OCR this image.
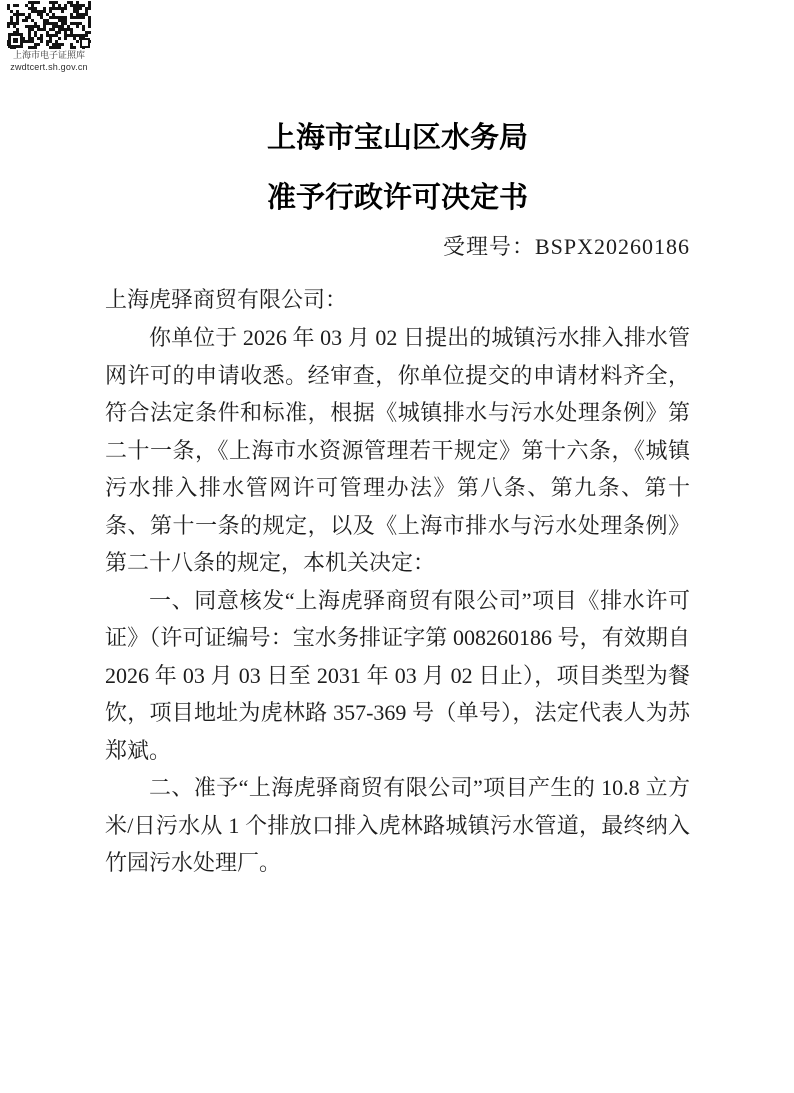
上海市电子证照库
zwdtcert.sh.gov.cn
上海市宝山区水务局
准予行政许可决定书
受理号：BSPX20260186
上海虎驿商贸有限公司：

你单位于 2026 年 03 月 02 日提出的城镇污水排入排水管网许可的申请收悉。经审查，你单位提交的申请材料齐全，符合法定条件和标准，根据《城镇排水与污水处理条例》第二十一条，《上海市水资源管理若干规定》第十六条，《城镇污水排入排水管网许可管理办法》第八条、第九条、第十条、第十一条的规定，以及《上海市排水与污水处理条例》第二十八条的规定，本机关决定：

一、同意核发“上海虎驿商贸有限公司”项目《排水许可证》（许可证编号：宝水务排证字第 008260186 号，有效期自 2026 年 03 月 03 日至 2031 年 03 月 02 日止），项目类型为餐饮，项目地址为虎林路 357-369 号（单号），法定代表人为苏郑斌。

二、准予“上海虎驿商贸有限公司”项目产生的 10.8 立方米/日污水从 1 个排放口排入虎林路城镇污水管道，最终纳入竹园污水处理厂。
